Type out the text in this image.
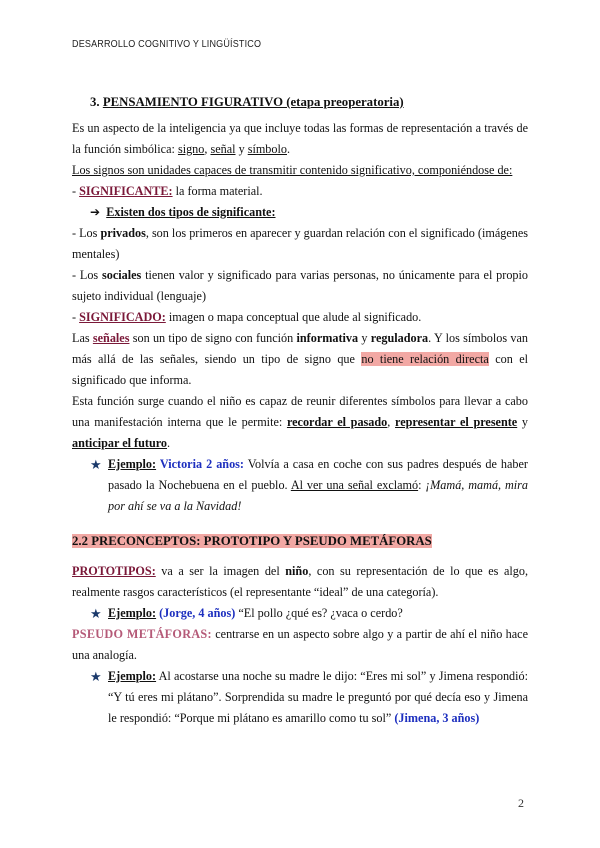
DESARROLLO COGNITIVO Y LINGÜÍSTICO
3. PENSAMIENTO FIGURATIVO (etapa preoperatoria)

Es un aspecto de la inteligencia ya que incluye todas las formas de representación a través de la función simbólica: signo, señal y símbolo.

Los signos son unidades capaces de transmitir contenido significativo, componiéndose de:

- SIGNIFICANTE: la forma material.

➔ Existen dos tipos de significante:

- Los privados, son los primeros en aparecer y guardan relación con el significado (imágenes mentales)

- Los sociales tienen valor y significado para varias personas, no únicamente para el propio sujeto individual (lenguaje)

- SIGNIFICADO: imagen o mapa conceptual que alude al significado.

Las señales son un tipo de signo con función informativa y reguladora. Y los símbolos van más allá de las señales, siendo un tipo de signo que no tiene relación directa con el significado que informa.

Esta función surge cuando el niño es capaz de reunir diferentes símbolos para llevar a cabo una manifestación interna que le permite: recordar el pasado, representar el presente y anticipar el futuro.

★ Ejemplo: Victoria 2 años: Volvía a casa en coche con sus padres después de haber pasado la Nochebuena en el pueblo. Al ver una señal exclamó: ¡Mamá, mamá, mira por ahí se va a la Navidad!

2.2 PRECONCEPTOS: PROTOTIPO Y PSEUDO METÁFORAS

PROTOTIPOS: va a ser la imagen del niño, con su representación de lo que es algo, realmente rasgos característicos (el representante “ideal” de una categoría).

★ Ejemplo: (Jorge, 4 años) “El pollo ¿qué es? ¿vaca o cerdo?

PSEUDO METÁFORAS: centrarse en un aspecto sobre algo y a partir de ahí el niño hace una analogía.

★ Ejemplo: Al acostarse una noche su madre le dijo: “Eres mi sol” y Jimena respondió: “Y tú eres mi plátano”. Sorprendida su madre le preguntó por qué decía eso y Jimena le respondió: “Porque mi plátano es amarillo como tu sol” (Jimena, 3 años)

2
